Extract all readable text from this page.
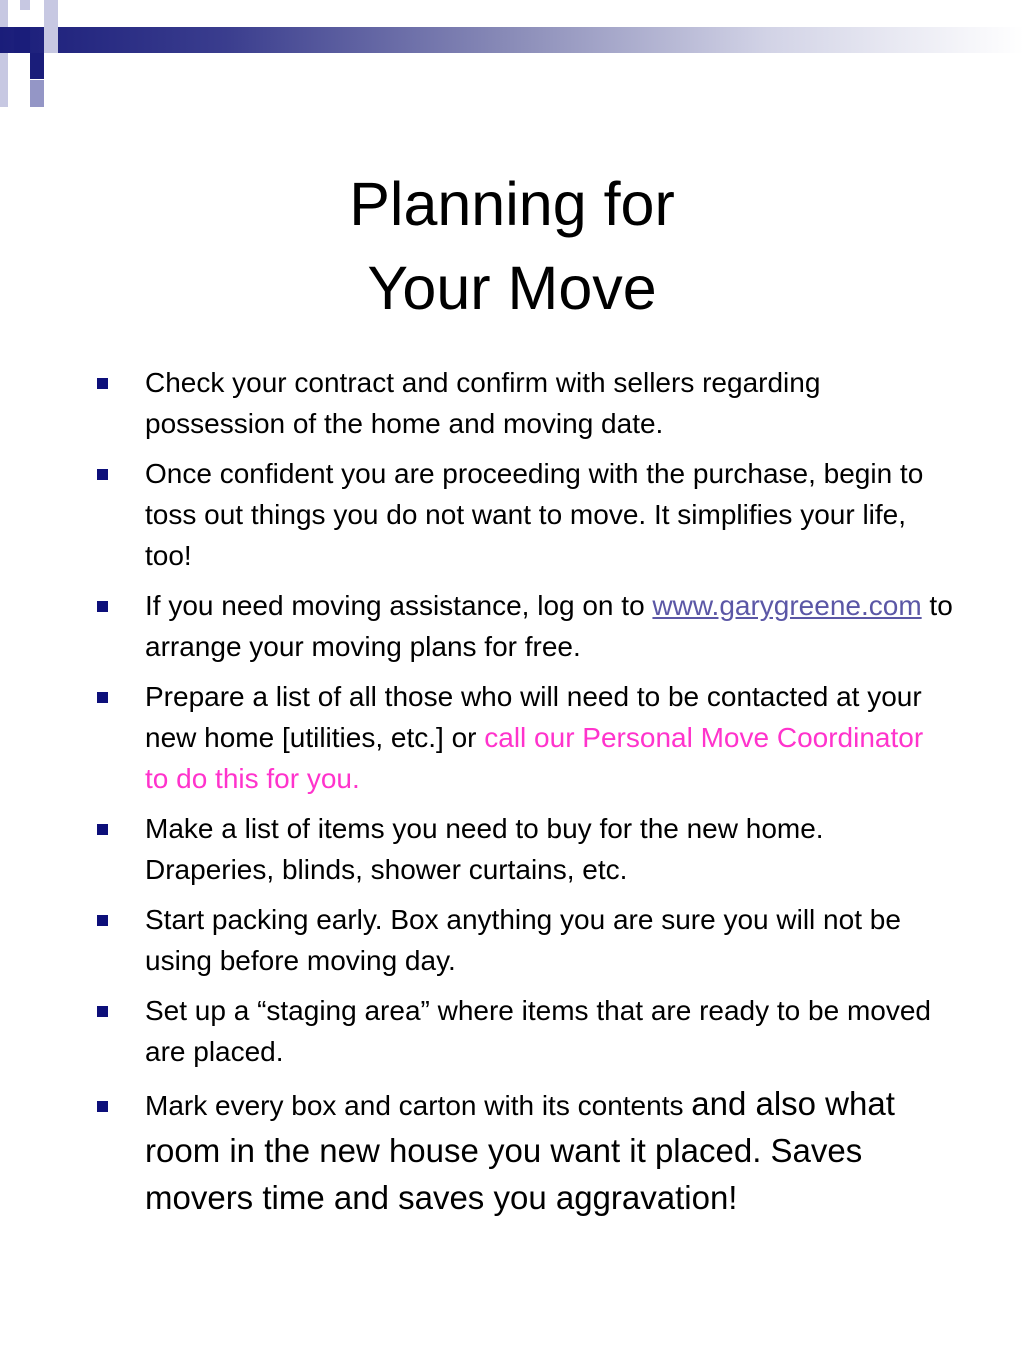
Planning for
Your Move
Check your contract and confirm with sellers regarding possession of the home and moving date.
Once confident you are proceeding with the purchase, begin to toss out things you do not want to move. It simplifies your life, too!
If you need moving assistance, log on to www.garygreene.com to arrange your moving plans for free.
Prepare a list of all those who will need to be contacted at your new home [utilities, etc.] or call our Personal Move Coordinator to do this for you.
Make a list of items you need to buy for the new home. Draperies, blinds, shower curtains, etc.
Start packing early. Box anything you are sure you will not be using before moving day.
Set up a “staging area” where items that are ready to be moved are placed.
Mark every box and carton with its contents and also what room in the new house you want it placed. Saves movers time and saves you aggravation!
